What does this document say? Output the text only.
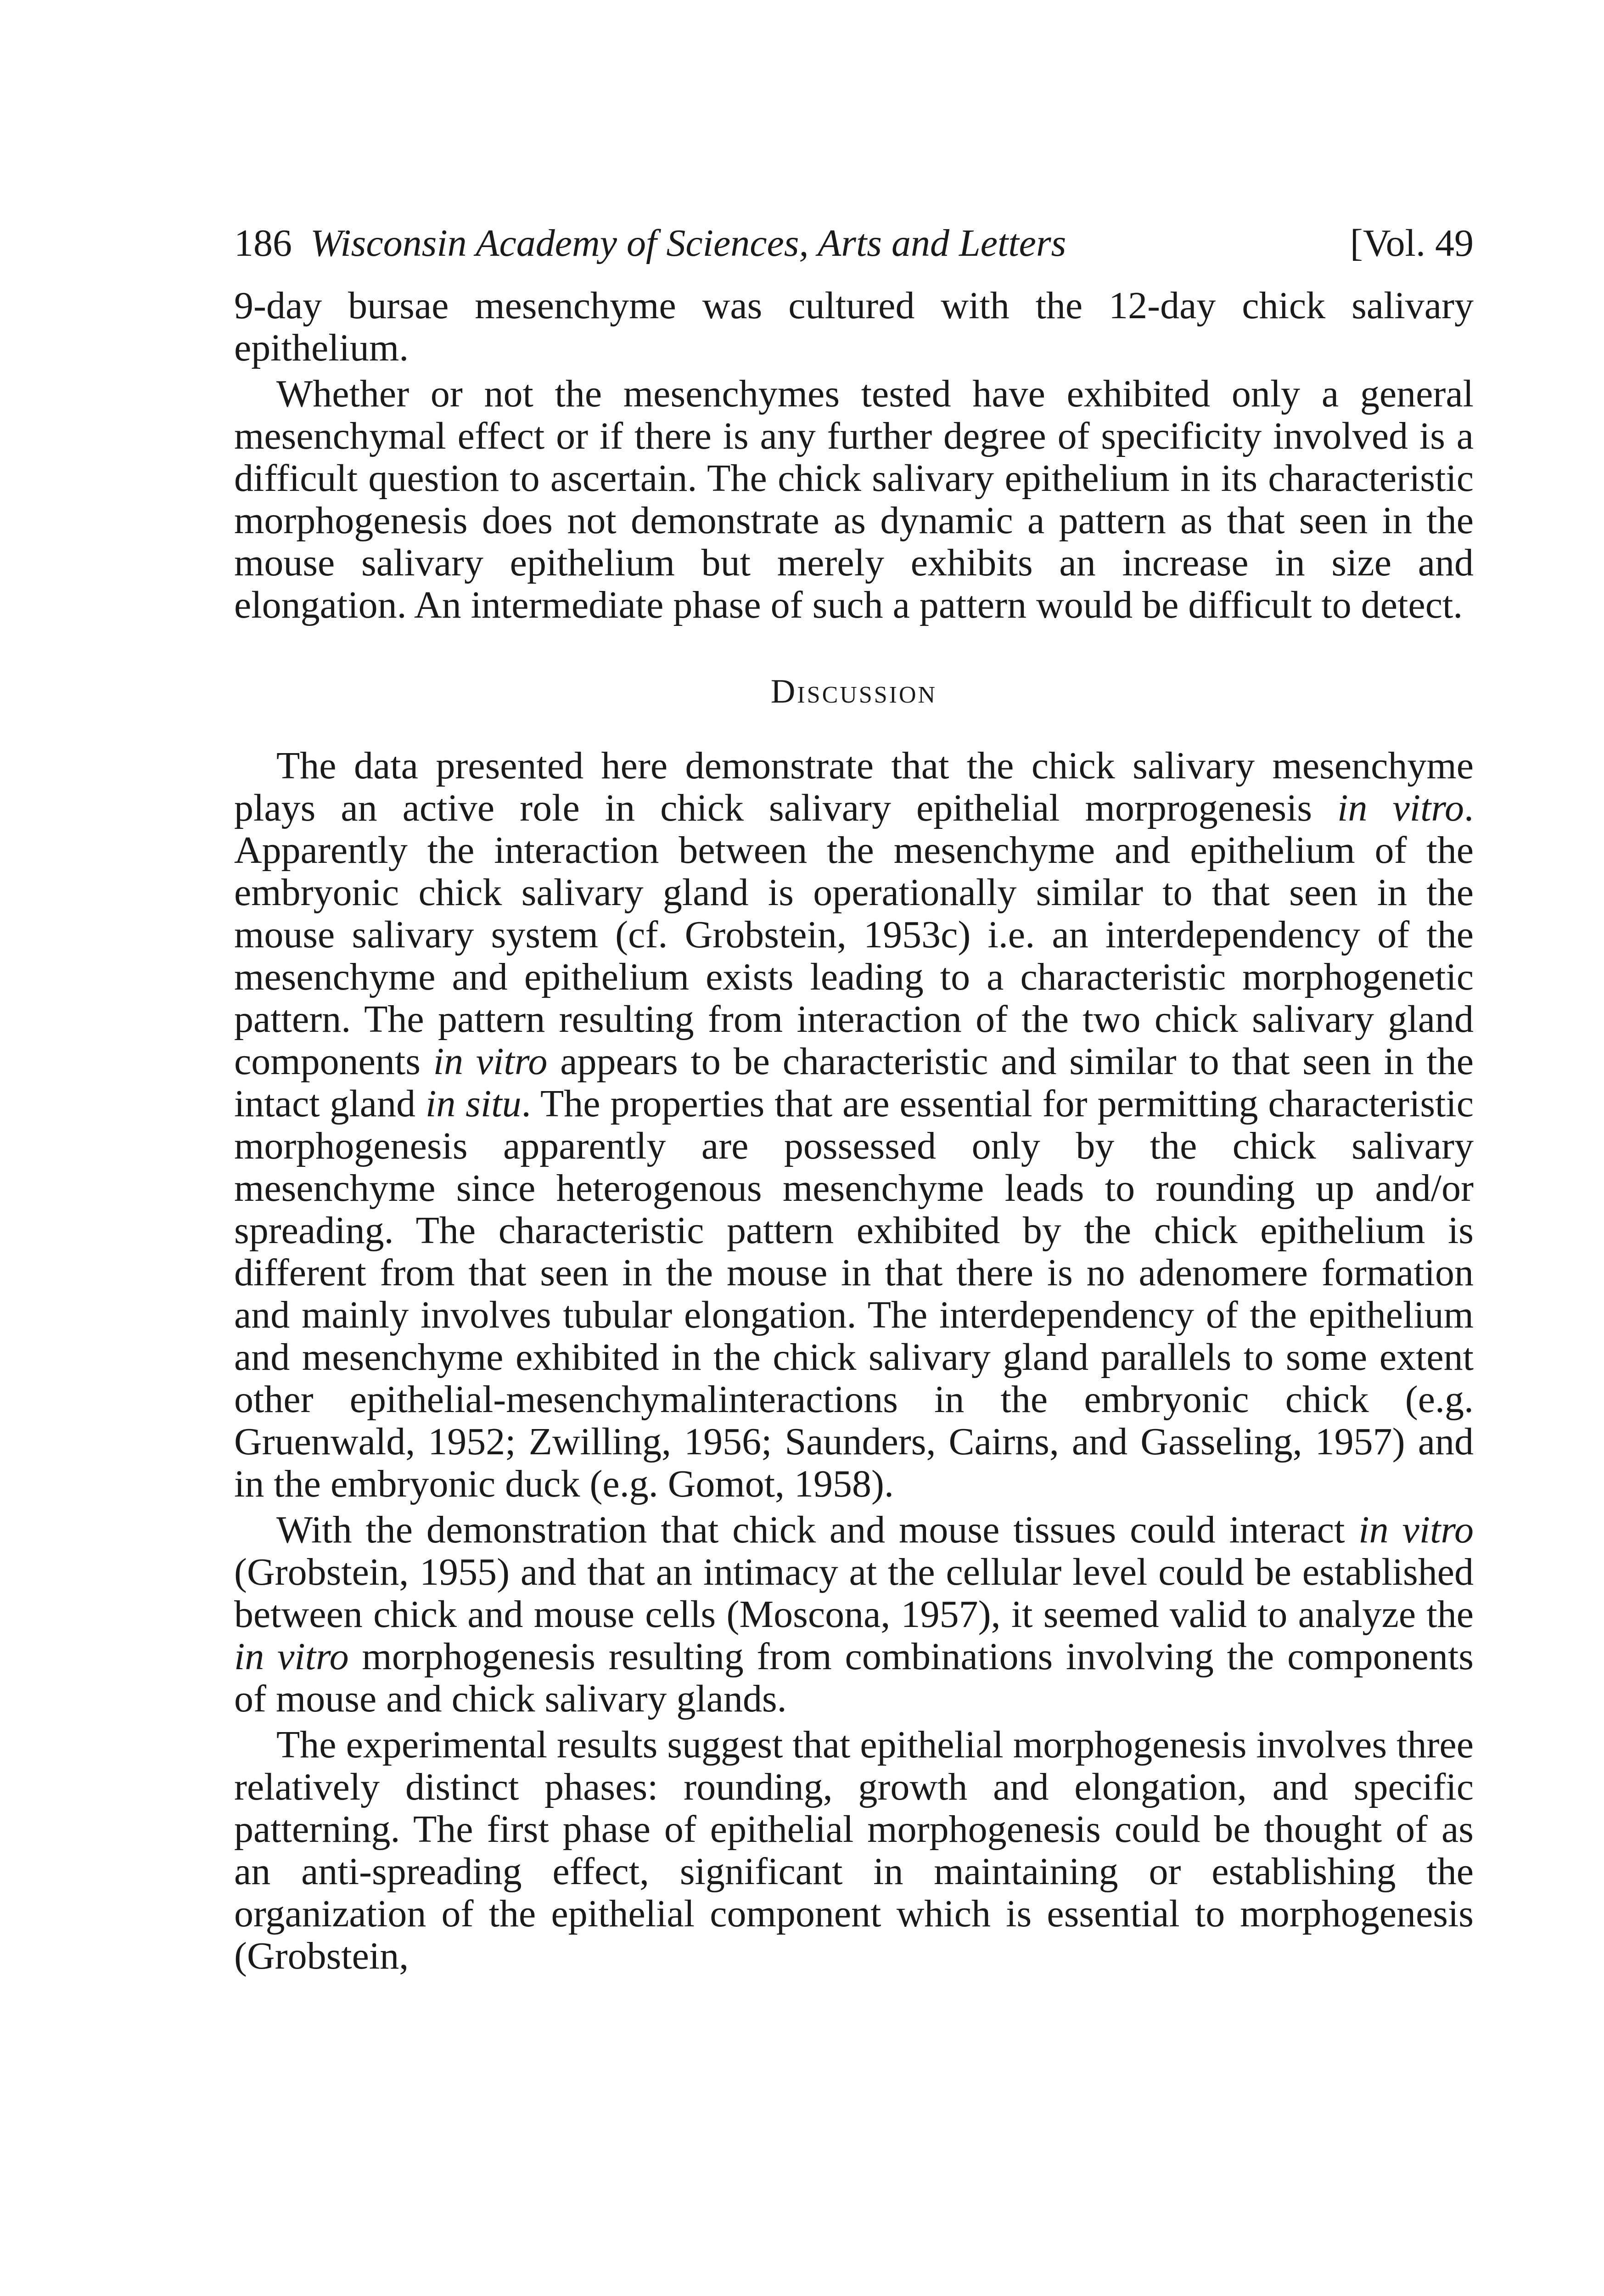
186 Wisconsin Academy of Sciences, Arts and Letters	[Vol. 49

9-day bursae mesenchyme was cultured with the 12-day chick salivary epithelium.

Whether or not the mesenchymes tested have exhibited only a general mesenchymal effect or if there is any further degree of specificity involved is a difficult question to ascertain. The chick salivary epithelium in its characteristic morphogenesis does not demonstrate as dynamic a pattern as that seen in the mouse salivary epithelium but merely exhibits an increase in size and elongation. An intermediate phase of such a pattern would be difficult to detect.

Discussion

The data presented here demonstrate that the chick salivary mesenchyme plays an active role in chick salivary epithelial morprogenesis in vitro. Apparently the interaction between the mesenchyme and epithelium of the embryonic chick salivary gland is operationally similar to that seen in the mouse salivary system (cf. Grobstein, 1953c) i.e. an interdependency of the mesenchyme and epithelium exists leading to a characteristic morphogenetic pattern. The pattern resulting from interaction of the two chick salivary gland components in vitro appears to be characteristic and similar to that seen in the intact gland in situ. The properties that are essential for permitting characteristic morphogenesis apparently are possessed only by the chick salivary mesenchyme since heterogenous mesenchyme leads to rounding up and/or spreading. The characteristic pattern exhibited by the chick epithelium is different from that seen in the mouse in that there is no adenomere formation and mainly involves tubular elongation. The interdependency of the epithelium and mesenchyme exhibited in the chick salivary gland parallels to some extent other epithelial-mesenchymalinteractions in the embryonic chick (e.g. Gruenwald, 1952; Zwilling, 1956; Saunders, Cairns, and Gasseling, 1957) and in the embryonic duck (e.g. Gomot, 1958).

With the demonstration that chick and mouse tissues could interact in vitro (Grobstein, 1955) and that an intimacy at the cellular level could be established between chick and mouse cells (Moscona, 1957), it seemed valid to analyze the in vitro morphogenesis resulting from combinations involving the components of mouse and chick salivary glands.

The experimental results suggest that epithelial morphogenesis involves three relatively distinct phases: rounding, growth and elongation, and specific patterning. The first phase of epithelial morphogenesis could be thought of as an anti-spreading effect, significant in maintaining or establishing the organization of the epithelial component which is essential to morphogenesis (Grobstein,
